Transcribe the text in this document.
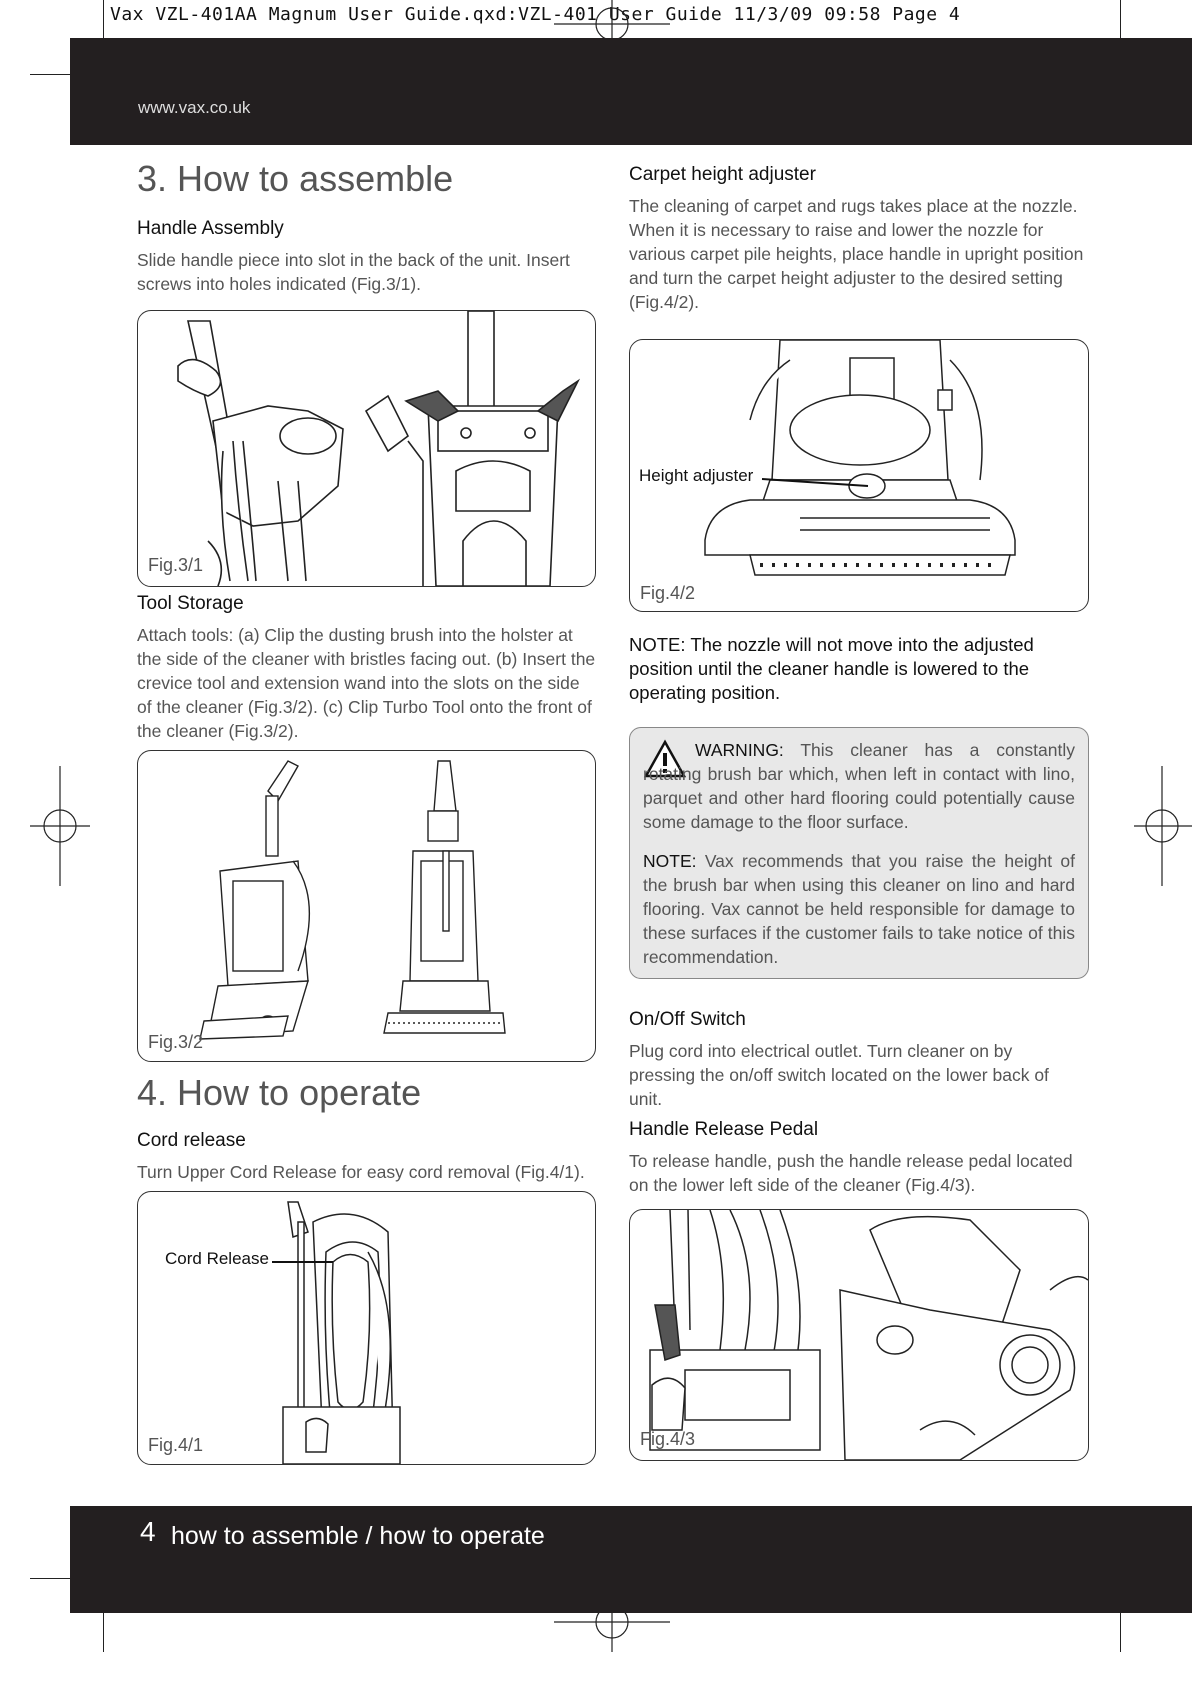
Vax VZL-401AA Magnum User Guide.qxd:VZL-401 User Guide 11/3/09 09:58 Page 4
www.vax.co.uk
3. How to assemble
Handle Assembly

Slide handle piece into slot in the back of the unit. Insert screws into holes indicated (Fig.3/1).

Fig.3/1
Tool Storage

Attach tools: (a) Clip the dusting brush into the holster at the side of the cleaner with bristles facing out. (b) Insert the crevice tool and extension wand into the slots on the side of the cleaner (Fig.3/2). (c) Clip Turbo Tool onto the front of the cleaner (Fig.3/2).

Fig.3/2
4. How to operate
Cord release

Turn Upper Cord Release for easy cord removal (Fig.4/1).

Cord Release
Fig.4/1
Carpet height adjuster

The cleaning of carpet and rugs takes place at the nozzle. When it is necessary to raise and lower the nozzle for various carpet pile heights, place handle in upright position and turn the carpet height adjuster to the desired setting (Fig.4/2).

Height adjuster
Fig.4/2

NOTE: The nozzle will not move into the adjusted position until the cleaner handle is lowered to the operating position.

WARNING: This cleaner has a constantly rotating brush bar which, when left in contact with lino, parquet and other hard flooring could potentially cause some damage to the floor surface.

NOTE: Vax recommends that you raise the height of the brush bar when using this cleaner on lino and hard flooring. Vax cannot be held responsible for damage to these surfaces if the customer fails to take notice of this recommendation.

On/Off Switch

Plug cord into electrical outlet. Turn cleaner on by pressing the on/off switch located on the lower back of unit.

Handle Release Pedal

To release handle, push the handle release pedal located on the lower left side of the cleaner (Fig.4/3).

Fig.4/3
4 how to assemble / how to operate
